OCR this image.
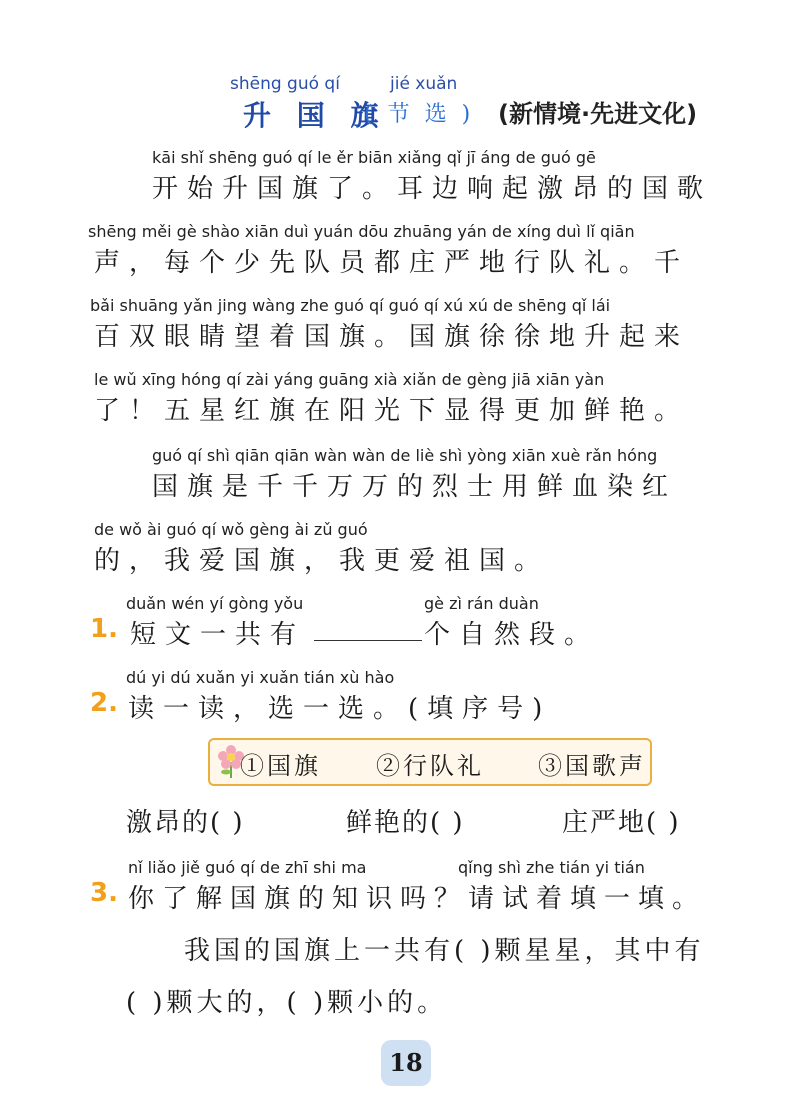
shēng guó qí	jié xuǎn
升 国 旗
( 节 选 ) (新情境·先进文化)
kāi shǐ shēng guó qí le ěr biān xiǎng qǐ jī áng de guó gē
开始升国旗了。耳边响起激昂的国歌
shēng měi gè shào xiān duì yuán dōu zhuāng yán de xíng duì lǐ qiān
声，每个少先队员都庄严地行队礼。千
bǎi shuāng yǎn jing wàng zhe guó qí guó qí xú xú de shēng qǐ lái
百双眼睛望着国旗。国旗徐徐地升起来
le wǔ xīng hóng qí zài yáng guāng xià xiǎn de gèng jiā xiān yàn
了！五星红旗在阳光下显得更加鲜艳。
guó qí shì qiān qiān wàn wàn de liè shì yòng xiān xuè rǎn hóng
国旗是千千万万的烈士用鲜血染红
de wǒ ài guó qí wǒ gèng ài zǔ guó
的，我爱国旗，我更爱祖国。
duǎn wén yí gòng yǒu	gè zì rán duàn
1. 短文一共有	个自然段。
dú yi dú xuǎn yi xuǎn tián xù hào
2. 读一读，选一选。(填序号)
①国旗 ②行队礼 ③国歌声
激昂的( )	鲜艳的( )	庄严地( )
nǐ liǎo jiě guó qí de zhī shi ma	qǐng shì zhe tián yi tián
3. 你了解国旗的知识吗？请试着填一填。
我国的国旗上一共有( )颗星星，其中有
( )颗大的，( )颗小的。
18
